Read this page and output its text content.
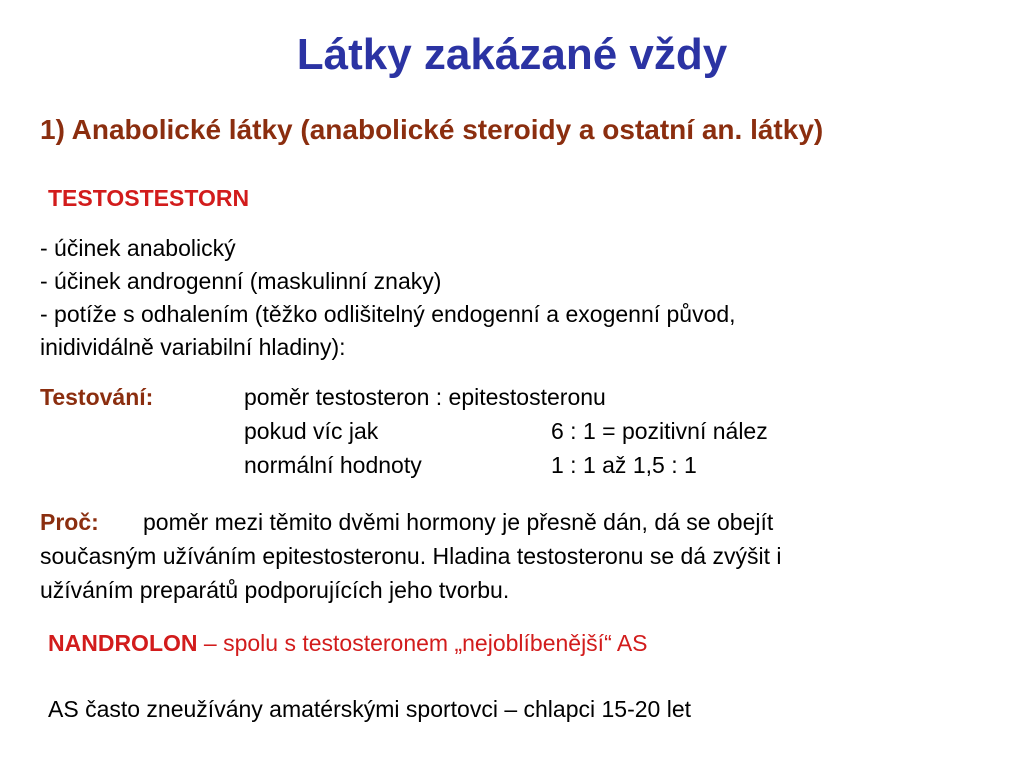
Látky zakázané vždy
1) Anabolické látky (anabolické steroidy a ostatní an. látky)
TESTOSTESTORN
- účinek anabolický
- účinek androgenní (maskulinní znaky)
- potíže s odhalením (těžko odlišitelný endogenní a exogenní původ,
inidividálně variabilní hladiny):
Testování:	poměr testosteron : epitestosteronu
pokud víc jak	6 : 1 = pozitivní nález
normální hodnoty	1 : 1 až 1,5 : 1
Proč: poměr mezi těmito dvěmi hormony je přesně dán, dá se obejít
současným užíváním epitestosteronu. Hladina testosteronu se dá zvýšit i
užíváním preparátů podporujících jeho tvorbu.
NANDROLON – spolu s testosteronem „nejoblíbenější“ AS
AS často zneužívány amatérskými sportovci – chlapci 15-20 let
